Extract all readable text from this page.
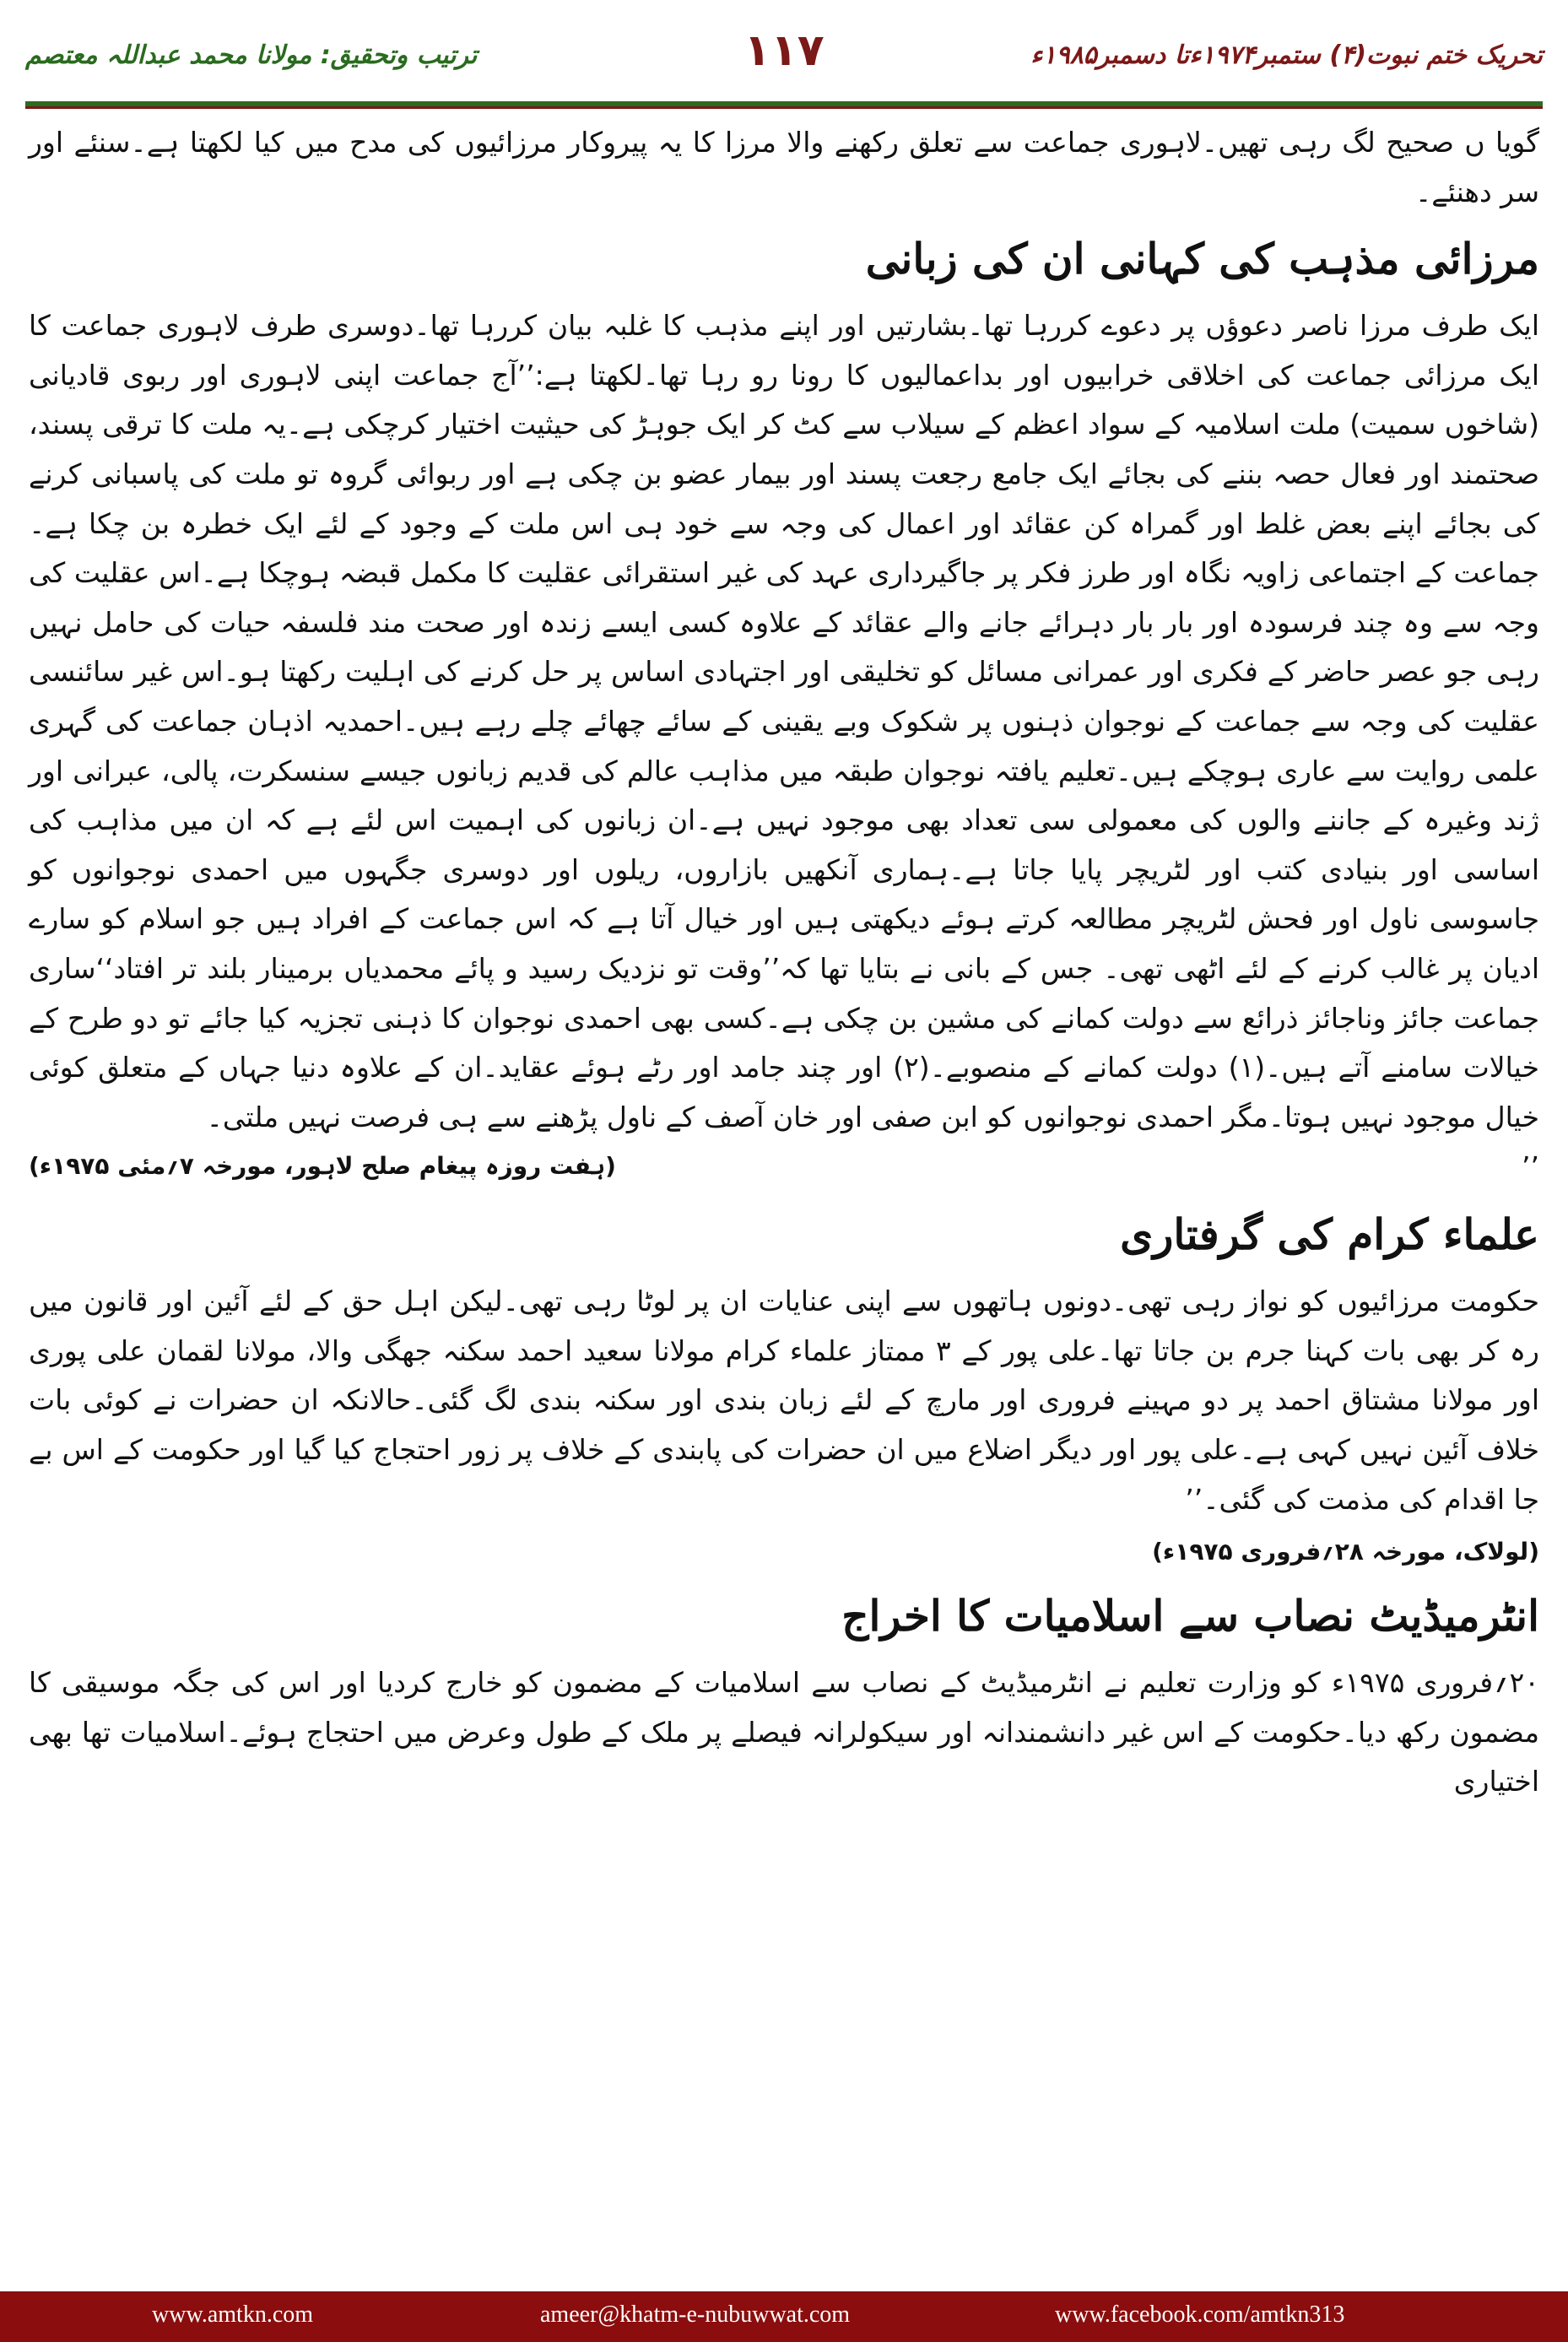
تحریک ختم نبوت(۴) ستمبر۱۹۷۴ءتا دسمبر۱۹۸۵ء
۱۱۷
ترتیب وتحقیق: مولانا محمد عبداللہ معتصم

گویا ں صحیح لگ رہی تھیں۔لاہوری جماعت سے تعلق رکھنے والا مرزا کا یہ پیروکار مرزائیوں کی مدح میں کیا لکھتا ہے۔سنئے اور سر دھنئے۔

مرزائی مذہب کی کہانی ان کی زبانی

ایک طرف مرزا ناصر دعوؤں پر دعوے کررہا تھا۔بشارتیں اور اپنے مذہب کا غلبہ بیان کررہا تھا۔دوسری طرف لاہوری جماعت کا ایک مرزائی جماعت کی اخلاقی خرابیوں اور بداعمالیوں کا رونا رو رہا تھا۔لکھتا ہے:’’آج جماعت اپنی لاہوری اور ربوی قادیانی (شاخوں سمیت) ملت اسلامیہ کے سواد اعظم کے سیلاب سے کٹ کر ایک جوہڑ کی حیثیت اختیار کرچکی ہے۔یہ ملت کا ترقی پسند، صحتمند اور فعال حصہ بننے کی بجائے ایک جامع رجعت پسند اور بیمار عضو بن چکی ہے اور ربوائی گروہ تو ملت کی پاسبانی کرنے کی بجائے اپنے بعض غلط اور گمراہ کن عقائد اور اعمال کی وجہ سے خود ہی اس ملت کے وجود کے لئے ایک خطرہ بن چکا ہے۔جماعت کے اجتماعی زاویہ نگاہ اور طرز فکر پر جاگیرداری عہد کی غیر استقرائی عقلیت کا مکمل قبضہ ہوچکا ہے۔اس عقلیت کی وجہ سے وہ چند فرسودہ اور بار بار دہرائے جانے والے عقائد کے علاوہ کسی ایسے زندہ اور صحت مند فلسفہ حیات کی حامل نہیں رہی جو عصر حاضر کے فکری اور عمرانی مسائل کو تخلیقی اور اجتہادی اساس پر حل کرنے کی اہلیت رکھتا ہو۔اس غیر سائنسی عقلیت کی وجہ سے جماعت کے نوجوان ذہنوں پر شکوک وبے یقینی کے سائے چھائے چلے رہے ہیں۔احمدیہ اذہان جماعت کی گہری علمی روایت سے عاری ہوچکے ہیں۔تعلیم یافتہ نوجوان طبقہ میں مذاہب عالم کی قدیم زبانوں جیسے سنسکرت، پالی، عبرانی اور ژند وغیرہ کے جاننے والوں کی معمولی سی تعداد بھی موجود نہیں ہے۔ان زبانوں کی اہمیت اس لئے ہے کہ ان میں مذاہب کی اساسی اور بنیادی کتب اور لٹریچر پایا جاتا ہے۔ہماری آنکھیں بازاروں، ریلوں اور دوسری جگہوں میں احمدی نوجوانوں کو جاسوسی ناول اور فحش لٹریچر مطالعہ کرتے ہوئے دیکھتی ہیں اور خیال آتا ہے کہ اس جماعت کے افراد ہیں جو اسلام کو سارے ادیان پر غالب کرنے کے لئے اٹھی تھی۔ جس کے بانی نے بتایا تھا کہ’’وقت تو نزدیک رسید و پائے محمدیاں برمینار بلند تر افتاد‘‘ساری جماعت جائز وناجائز ذرائع سے دولت کمانے کی مشین بن چکی ہے۔کسی بھی احمدی نوجوان کا ذہنی تجزیہ کیا جائے تو دو طرح کے خیالات سامنے آتے ہیں۔(۱) دولت کمانے کے منصوبے۔(۲) اور چند جامد اور رٹے ہوئے عقاید۔ان کے علاوہ دنیا جہاں کے متعلق کوئی خیال موجود نہیں ہوتا۔مگر احمدی نوجوانوں کو ابن صفی اور خان آصف کے ناول پڑھنے سے ہی فرصت نہیں ملتی۔

’’
(ہفت روزہ پیغام صلح لاہور، مورخہ ۷؍مئی ۱۹۷۵ء)
علماء کرام کی گرفتاری

حکومت مرزائیوں کو نواز رہی تھی۔دونوں ہاتھوں سے اپنی عنایات ان پر لوٹا رہی تھی۔لیکن اہل حق کے لئے آئین اور قانون میں رہ کر بھی بات کہنا جرم بن جاتا تھا۔علی پور کے ۳ ممتاز علماء کرام مولانا سعید احمد سکنہ جھگی والا، مولانا لقمان علی پوری اور مولانا مشتاق احمد پر دو مہینے فروری اور مارچ کے لئے زبان بندی اور سکنہ بندی لگ گئی۔حالانکہ ان حضرات نے کوئی بات خلاف آئین نہیں کہی ہے۔علی پور اور دیگر اضلاع میں ان حضرات کی پابندی کے خلاف پر زور احتجاج کیا گیا اور حکومت کے اس بے جا اقدام کی مذمت کی گئی۔’’

(لولاک، مورخہ ۲۸؍فروری ۱۹۷۵ء)
انٹرمیڈیٹ نصاب سے اسلامیات کا اخراج

۲۰؍فروری ۱۹۷۵ء کو وزارت تعلیم نے انٹرمیڈیٹ کے نصاب سے اسلامیات کے مضمون کو خارج کردیا اور اس کی جگہ موسیقی کا مضمون رکھ دیا۔حکومت کے اس غیر دانشمندانہ اور سیکولرانہ فیصلے پر ملک کے طول وعرض میں احتجاج ہوئے۔اسلامیات تھا بھی اختیاری

www.amtkn.com	ameer@khatm-e-nubuwwat.com	www.facebook.com/amtkn313
